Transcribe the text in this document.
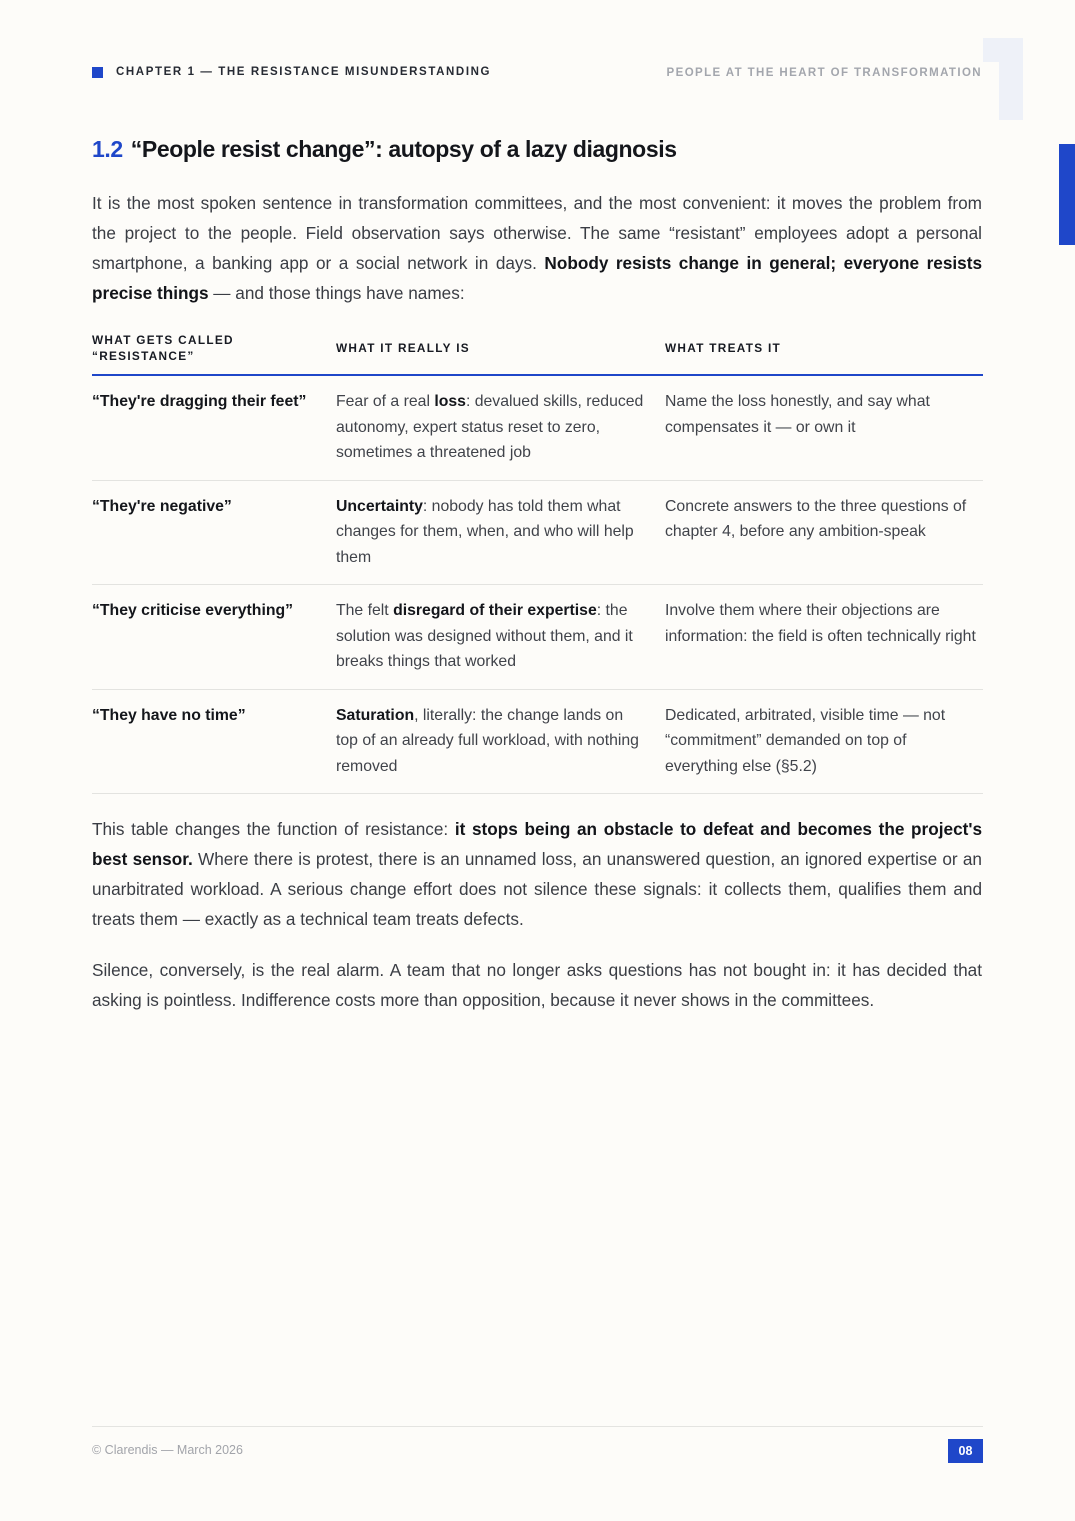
CHAPTER 1 — THE RESISTANCE MISUNDERSTANDING	PEOPLE AT THE HEART OF TRANSFORMATION
1.2 “People resist change”: autopsy of a lazy diagnosis

It is the most spoken sentence in transformation committees, and the most convenient: it moves the problem from the project to the people. Field observation says otherwise. The same “resistant” employees adopt a personal smartphone, a banking app or a social network in days. Nobody resists change in general; everyone resists precise things — and those things have names:

WHAT GETS CALLED “RESISTANCE”	WHAT IT REALLY IS	WHAT TREATS IT
“They're dragging their feet”	Fear of a real loss: devalued skills, reduced autonomy, expert status reset to zero, sometimes a threatened job	Name the loss honestly, and say what compensates it — or own it
“They're negative”	Uncertainty: nobody has told them what changes for them, when, and who will help them	Concrete answers to the three questions of chapter 4, before any ambition-speak
“They criticise everything”	The felt disregard of their expertise: the solution was designed without them, and it breaks things that worked	Involve them where their objections are information: the field is often technically right
“They have no time”	Saturation, literally: the change lands on top of an already full workload, with nothing removed	Dedicated, arbitrated, visible time — not “commitment” demanded on top of everything else (§5.2)

This table changes the function of resistance: it stops being an obstacle to defeat and becomes the project's best sensor. Where there is protest, there is an unnamed loss, an unanswered question, an ignored expertise or an unarbitrated workload. A serious change effort does not silence these signals: it collects them, qualifies them and treats them — exactly as a technical team treats defects.

Silence, conversely, is the real alarm. A team that no longer asks questions has not bought in: it has decided that asking is pointless. Indifference costs more than opposition, because it never shows in the committees.

© Clarendis — March 2026	08
